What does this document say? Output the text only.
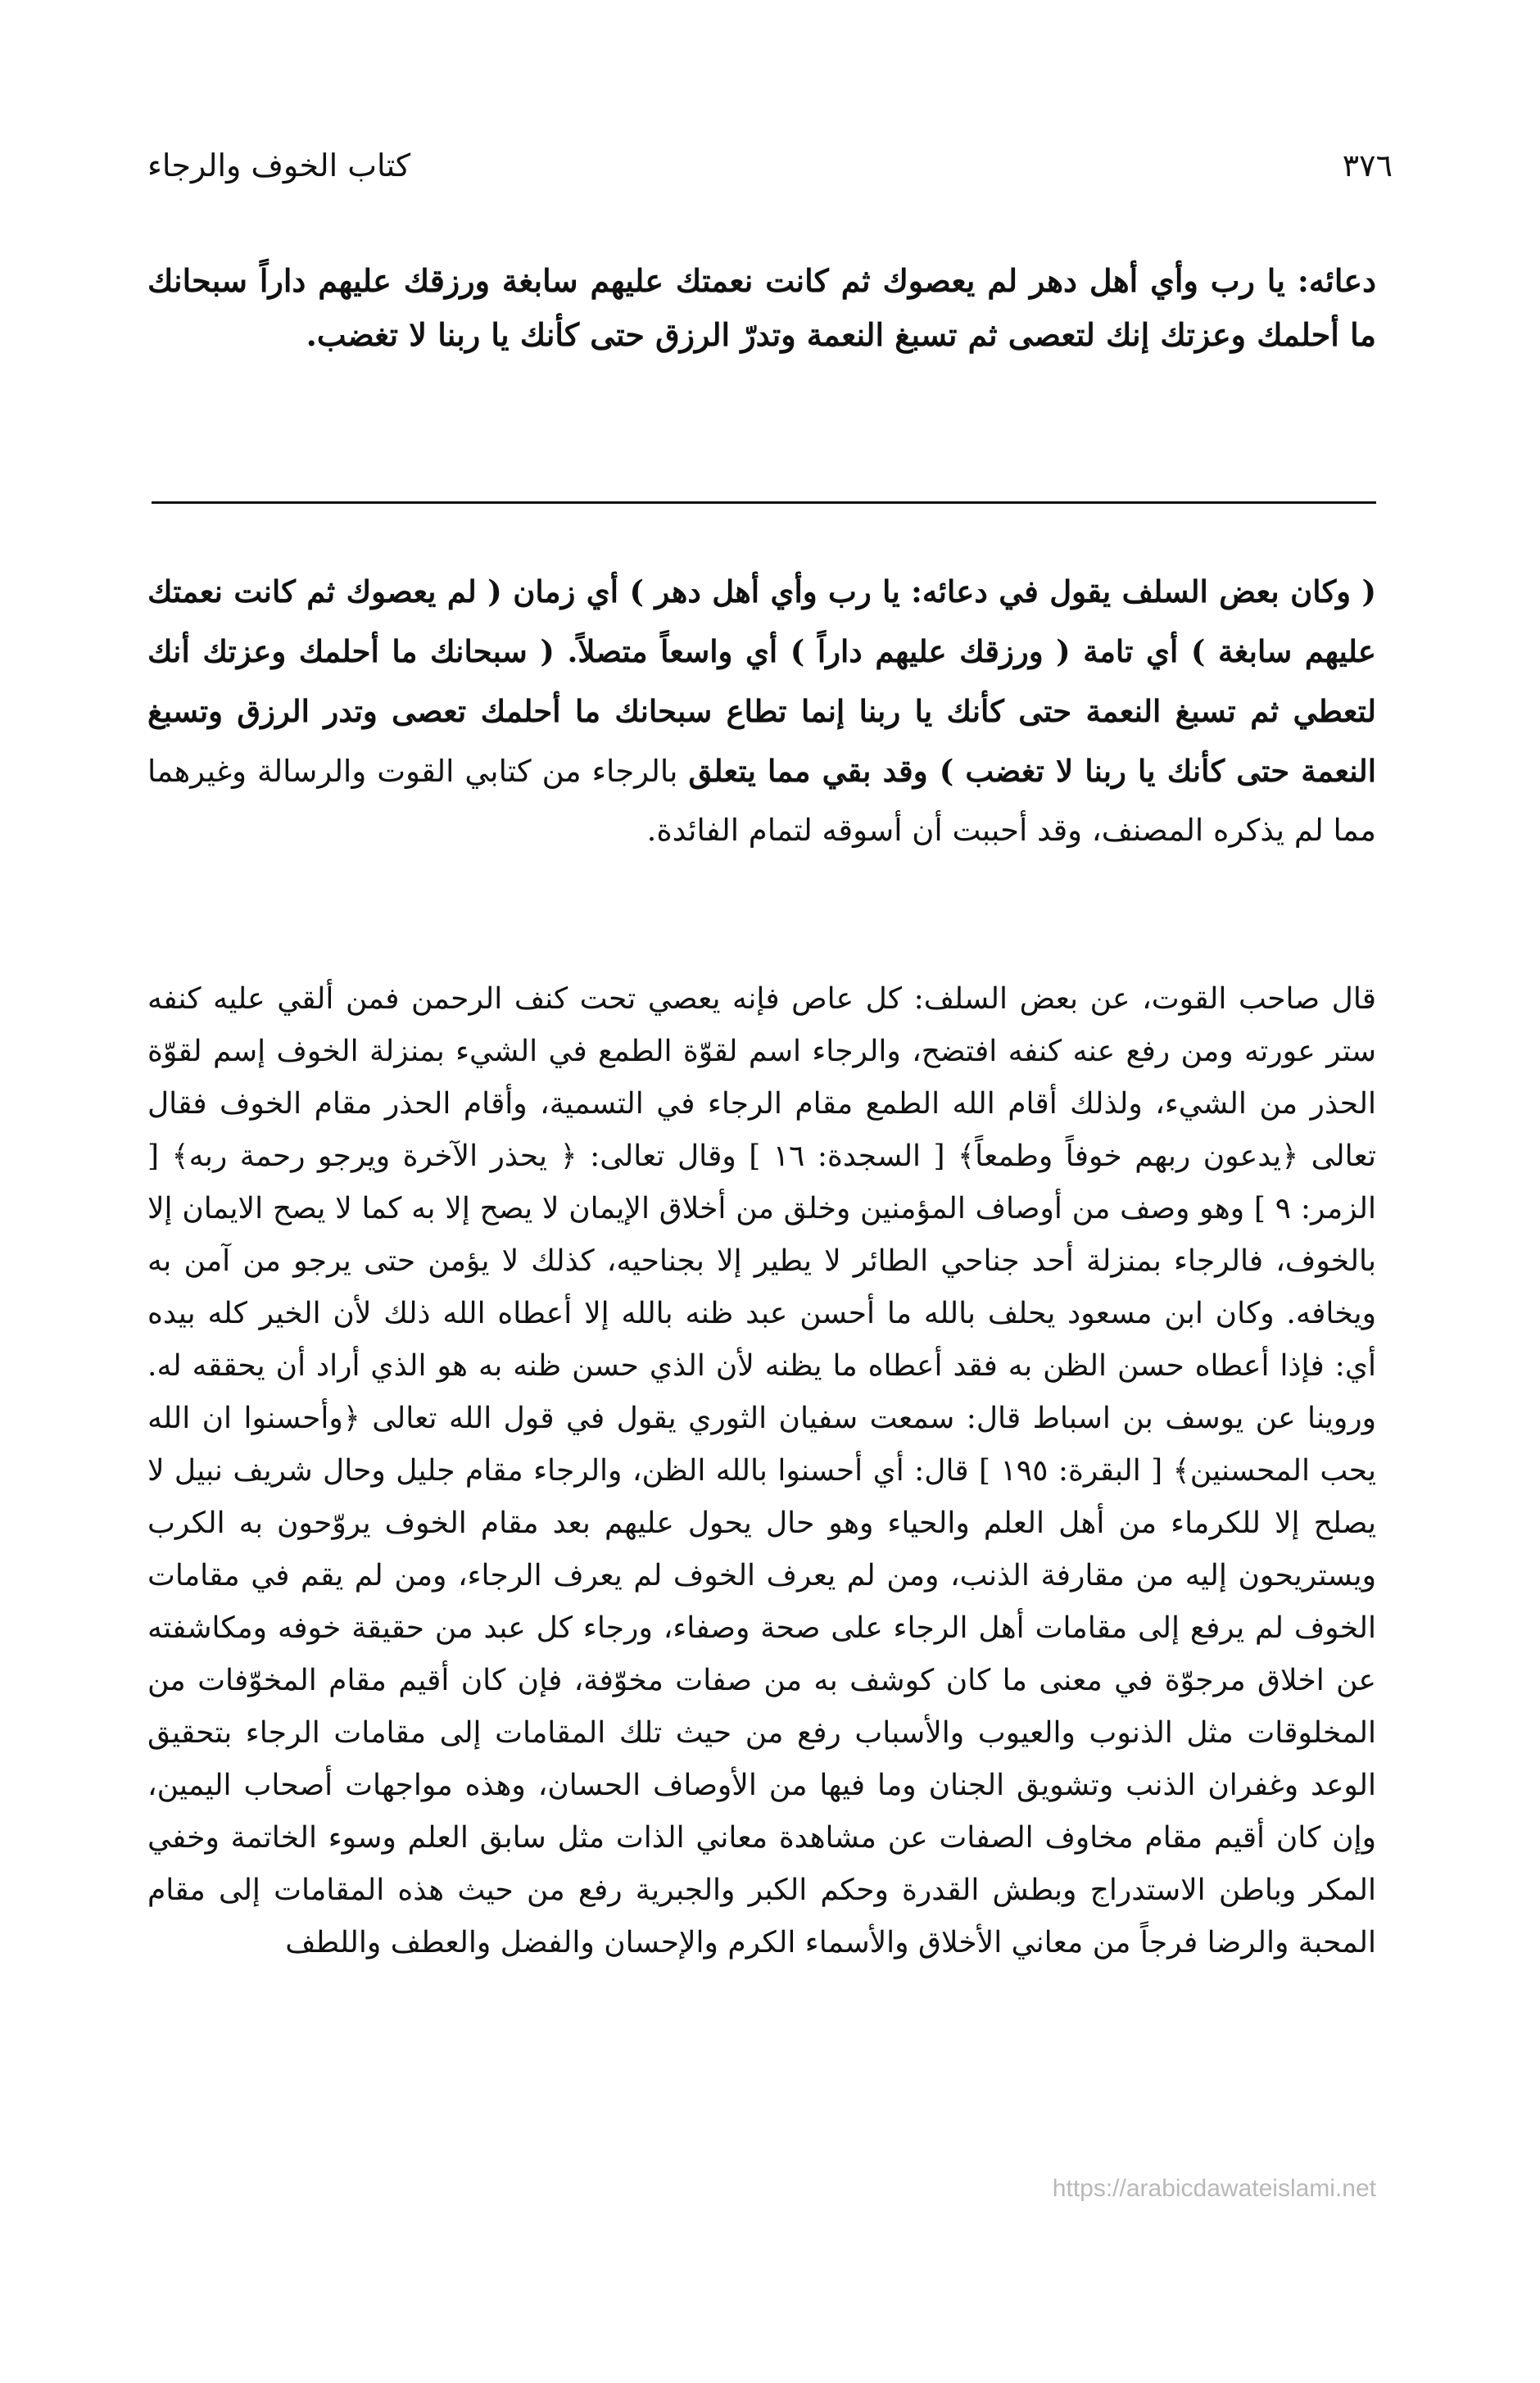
٣٧٦
كتاب الخوف والرجاء

دعائه: يا رب وأي أهل دهر لم يعصوك ثم كانت نعمتك عليهم سابغة ورزقك عليهم داراً سبحانك ما أحلمك وعزتك إنك لتعصى ثم تسبغ النعمة وتدرّ الرزق حتى كأنك يا ربنا لا تغضب.

( وكان بعض السلف يقول في دعائه: يا رب وأي أهل دهر ) أي زمان ( لم يعصوك ثم كانت نعمتك عليهم سابغة ) أي تامة ( ورزقك عليهم داراً ) أي واسعاً متصلاً. ( سبحانك ما أحلمك وعزتك أنك لتعطي ثم تسبغ النعمة حتى كأنك يا ربنا إنما تطاع سبحانك ما أحلمك تعصى وتدر الرزق وتسبغ النعمة حتى كأنك يا ربنا لا تغضب ) وقد بقي مما يتعلق بالرجاء من كتابي القوت والرسالة وغيرهما مما لم يذكره المصنف، وقد أحببت أن أسوقه لتمام الفائدة.

قال صاحب القوت، عن بعض السلف: كل عاص فإنه يعصي تحت كنف الرحمن فمن ألقي عليه كنفه ستر عورته ومن رفع عنه كنفه افتضح، والرجاء اسم لقوّة الطمع في الشيء بمنزلة الخوف إسم لقوّة الحذر من الشيء، ولذلك أقام الله الطمع مقام الرجاء في التسمية، وأقام الحذر مقام الخوف فقال تعالى ﴿يدعون ربهم خوفاً وطمعاً﴾ [ السجدة: ١٦ ] وقال تعالى: ﴿ يحذر الآخرة ويرجو رحمة ربه﴾ [ الزمر: ٩ ] وهو وصف من أوصاف المؤمنين وخلق من أخلاق الإيمان لا يصح إلا به كما لا يصح الايمان إلا بالخوف، فالرجاء بمنزلة أحد جناحي الطائر لا يطير إلا بجناحيه، كذلك لا يؤمن حتى يرجو من آمن به ويخافه. وكان ابن مسعود يحلف بالله ما أحسن عبد ظنه بالله إلا أعطاه الله ذلك لأن الخير كله بيده أي: فإذا أعطاه حسن الظن به فقد أعطاه ما يظنه لأن الذي حسن ظنه به هو الذي أراد أن يحققه له. وروينا عن يوسف بن اسباط قال: سمعت سفيان الثوري يقول في قول الله تعالى ﴿وأحسنوا ان الله يحب المحسنين﴾ [ البقرة: ١٩٥ ] قال: أي أحسنوا بالله الظن، والرجاء مقام جليل وحال شريف نبيل لا يصلح إلا للكرماء من أهل العلم والحياء وهو حال يحول عليهم بعد مقام الخوف يروّحون به الكرب ويستريحون إليه من مقارفة الذنب، ومن لم يعرف الخوف لم يعرف الرجاء، ومن لم يقم في مقامات الخوف لم يرفع إلى مقامات أهل الرجاء على صحة وصفاء، ورجاء كل عبد من حقيقة خوفه ومكاشفته عن اخلاق مرجوّة في معنى ما كان كوشف به من صفات مخوّفة، فإن كان أقيم مقام المخوّفات من المخلوقات مثل الذنوب والعيوب والأسباب رفع من حيث تلك المقامات إلى مقامات الرجاء بتحقيق الوعد وغفران الذنب وتشويق الجنان وما فيها من الأوصاف الحسان، وهذه مواجهات أصحاب اليمين، وإن كان أقيم مقام مخاوف الصفات عن مشاهدة معاني الذات مثل سابق العلم وسوء الخاتمة وخفي المكر وباطن الاستدراج وبطش القدرة وحكم الكبر والجبرية رفع من حيث هذه المقامات إلى مقام المحبة والرضا فرجاً من معاني الأخلاق والأسماء الكرم والإحسان والفضل والعطف واللطف

https://arabicdawateislami.net
